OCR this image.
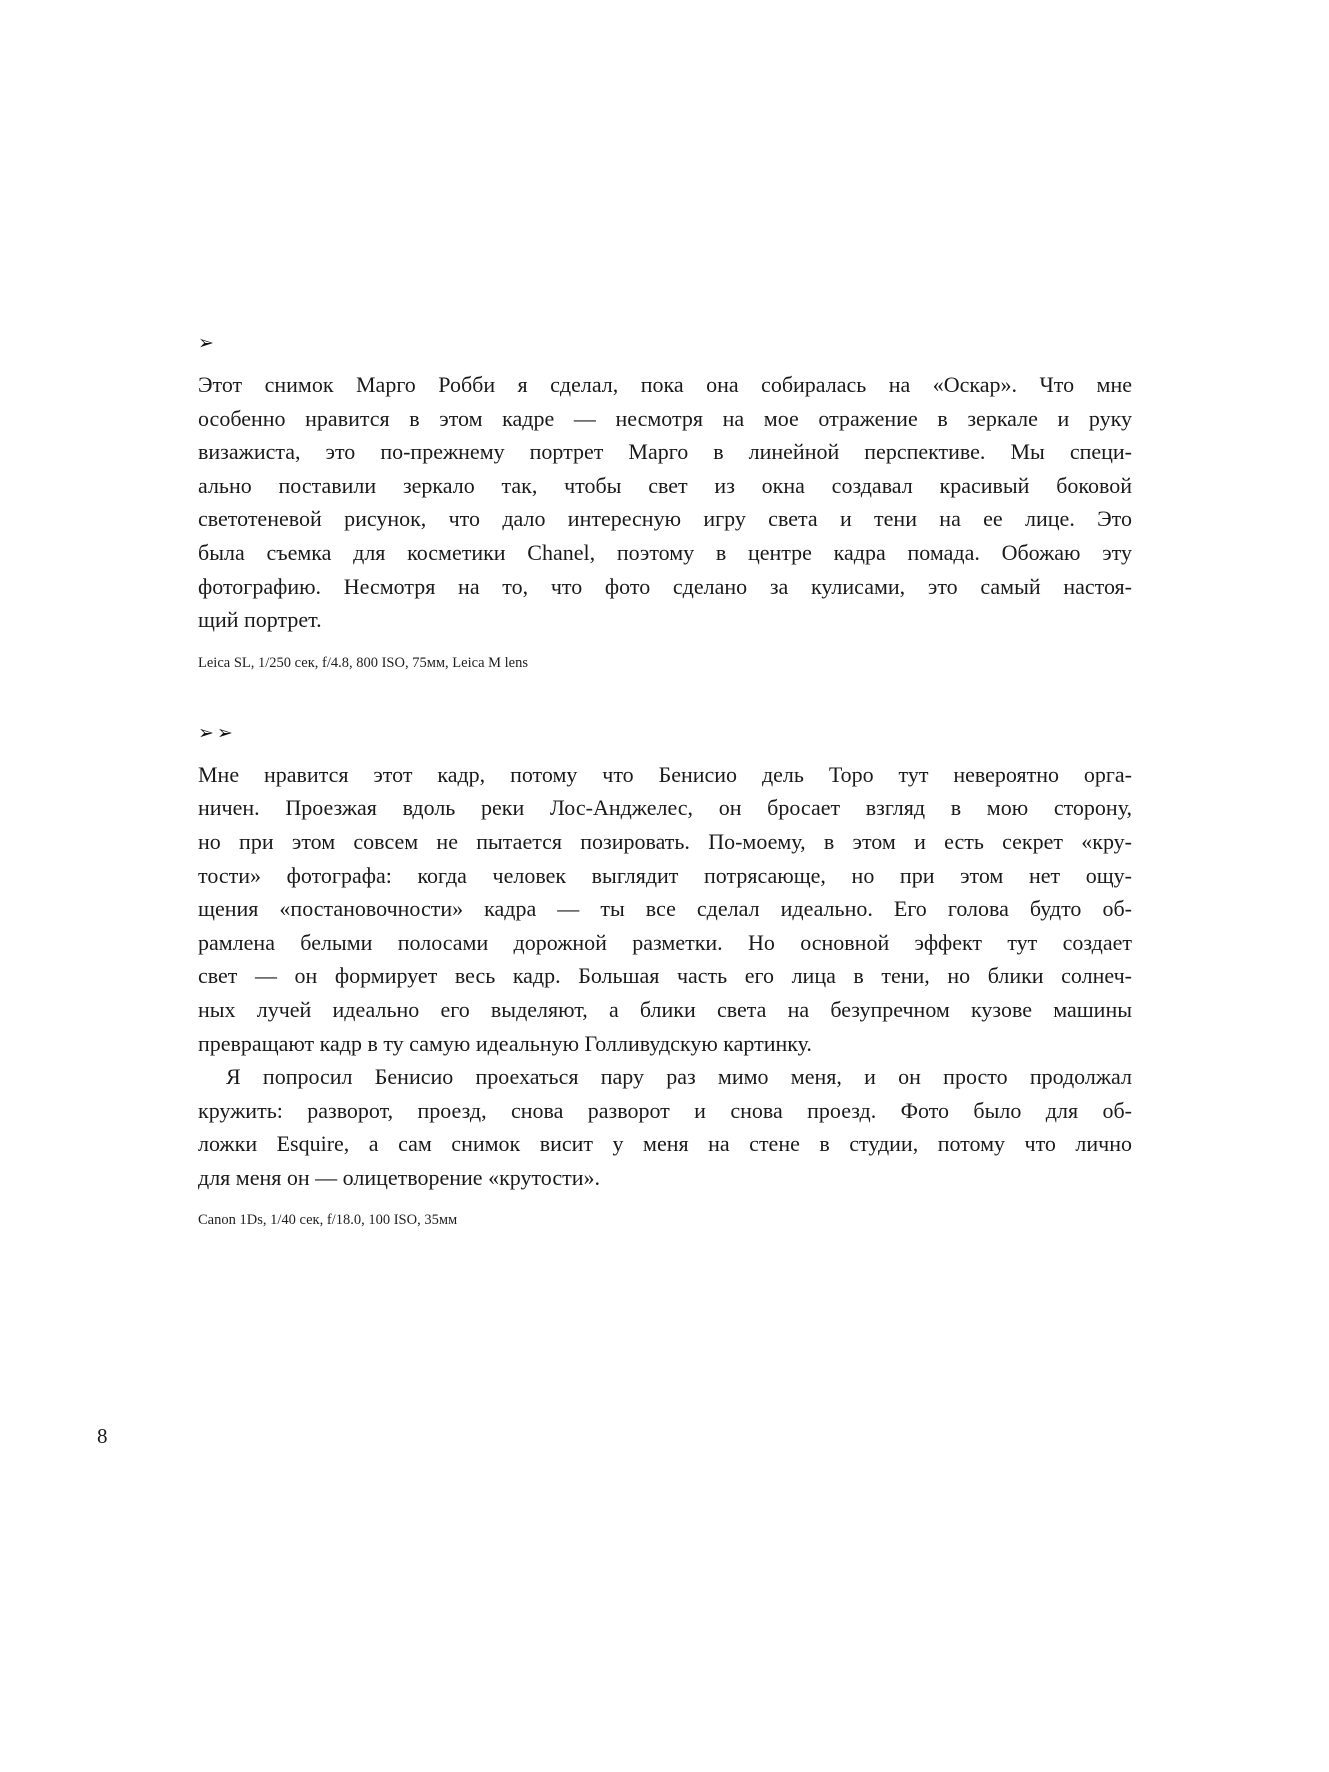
➢
Этот снимок Марго Робби я сделал, пока она собиралась на «Оскар». Что мне
особенно нравится в этом кадре — несмотря на мое отражение в зеркале и руку
визажиста, это по-прежнему портрет Марго в линейной перспективе. Мы специ-
ально поставили зеркало так, чтобы свет из окна создавал красивый боковой
светотеневой рисунок, что дало интересную игру света и тени на ее лице. Это
была съемка для косметики Chanel, поэтому в центре кадра помада. Обожаю эту
фотографию. Несмотря на то, что фото сделано за кулисами, это самый настоя-
щий портрет.
Leica SL, 1/250 сек, f/4.8, 800 ISO, 75мм, Leica M lens
➢➢
Мне нравится этот кадр, потому что Бенисио дель Торо тут невероятно орга-
ничен. Проезжая вдоль реки Лос-Анджелес, он бросает взгляд в мою сторону,
но при этом совсем не пытается позировать. По-моему, в этом и есть секрет «кру-
тости» фотографа: когда человек выглядит потрясающе, но при этом нет ощу-
щения «постановочности» кадра — ты все сделал идеально. Его голова будто об-
рамлена белыми полосами дорожной разметки. Но основной эффект тут создает
свет — он формирует весь кадр. Большая часть его лица в тени, но блики солнеч-
ных лучей идеально его выделяют, а блики света на безупречном кузове машины
превращают кадр в ту самую идеальную Голливудскую картинку.
Я попросил Бенисио проехаться пару раз мимо меня, и он просто продолжал
кружить: разворот, проезд, снова разворот и снова проезд. Фото было для об-
ложки Esquire, а сам снимок висит у меня на стене в студии, потому что лично
для меня он — олицетворение «крутости».
Canon 1Ds, 1/40 сек, f/18.0, 100 ISO, 35мм
8
